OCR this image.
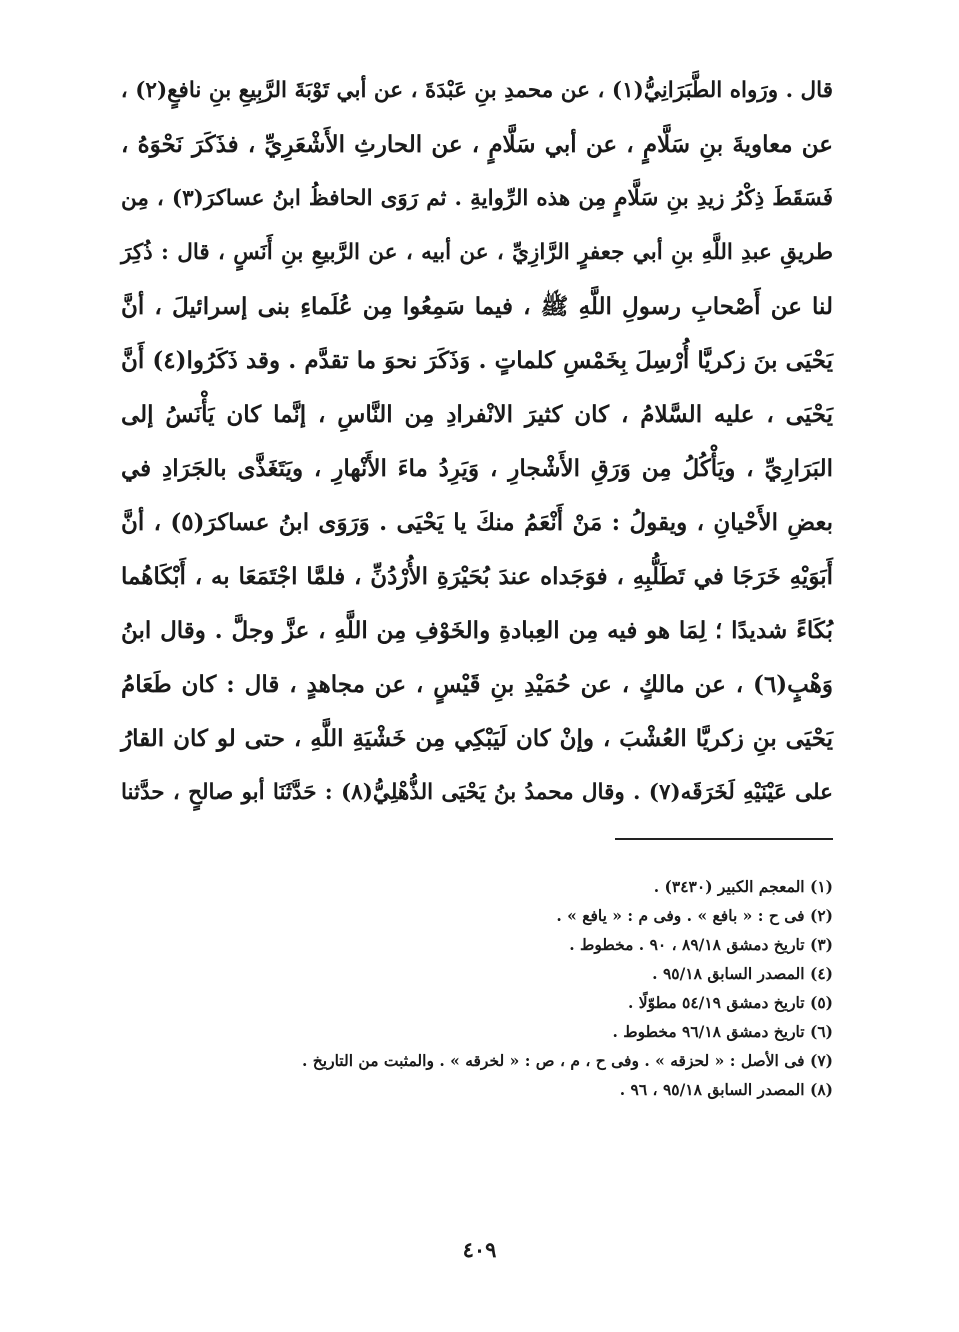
قال . ورَواه الطَّبَرَانِيُّ(١) ، عن محمدِ بنِ عَبْدَةَ ، عن أبي تَوْبَةَ الرَّبِيعِ بنِ نافعٍ(٢) ،
عن معاويةَ بنِ سَلَّامٍ ، عن أبي سَلَّامٍ ، عن الحارثِ الأَشْعَرِيِّ ، فذَكَرَ نَحْوَهُ ،
فَسَقَطَ ذِكْرُ زيدِ بنِ سَلَّامٍ مِن هذه الرِّوايةِ . ثم رَوَى الحافظُ ابنُ عساكرَ(٣) ، مِن
طريقِ عبدِ اللَّهِ بنِ أبي جعفرٍ الرَّازِيِّ ، عن أبيه ، عن الرَّبيعِ بنِ أَنَسٍ ، قال : ذُكِرَ
لنا عن أَصْحابِ رسولِ اللَّهِ ﷺ ، فيما سَمِعُوا مِن عُلَماءِ بنى إسرائيلَ ، أنَّ
يَحْيَى بنَ زكريَّا أُرْسِلَ بِخَمْسِ كلماتٍ . وَذَكَرَ نحوَ ما تقدَّم . وقد ذَكَرُوا(٤) أَنَّ
يَحْيَى ، عليه السَّلامُ ، كان كثيرَ الانْفرادِ مِن النَّاسِ ، إنَّما كان يَأْنَسُ إلى
البَرَارِيِّ ، ويَأْكُلُ مِن وَرَقِ الأَشْجارِ ، وَيَرِدُ ماءَ الأَنْهارِ ، ويَتَغَذَّى بالجَرَادِ في
بعضِ الأَحْيانِ ، ويقولُ : مَنْ أَنْعَمُ منكَ يا يَحْيَى . وَرَوَى ابنُ عساكرَ(٥) ، أنَّ
أَبَوَيْهِ خَرَجَا في تَطَلُّبِهِ ، فوَجَداه عندَ بُحَيْرَةِ الأُرْدُنِّ ، فلمَّا اجْتَمَعَا به ، أَبْكَاهُما
بُكَاءً شديدًا ؛ لِمَا هو فيه مِن العِبادةِ والخَوْفِ مِن اللَّهِ ، عزَّ وجلَّ . وقال ابنُ
وَهْبٍ(٦) ، عن مالكٍ ، عن حُمَيْدِ بنِ قَيْسٍ ، عن مجاهدٍ ، قال : كان طَعَامُ
يَحْيَى بنِ زكريَّا العُشْبَ ، وإنْ كان لَيَبْكِي مِن خَشْيَةِ اللَّهِ ، حتى لو كان القارُ
على عَيْنَيْهِ لَخَرَقَه(٧) . وقال محمدُ بنُ يَحْيَى الذُّهْلِيُّ(٨) : حَدَّثَنَا أبو صالحٍ ، حدَّثنا
(١) المعجم الكبير (٣٤٣٠) .
(٢) فى ح : « بافع » . وفى م : « يافع » .
(٣) تاريخ دمشق ٨٩/١٨ ، ٩٠ . مخطوط .
(٤) المصدر السابق ٩٥/١٨ .
(٥) تاريخ دمشق ٥٤/١٩ مطوّلًا .
(٦) تاريخ دمشق ٩٦/١٨ مخطوط .
(٧) فى الأصل : « لحزقه » . وفى ح ، م ، ص : « لخرقه » . والمثبت من التاريخ .
(٨) المصدر السابق ٩٥/١٨ ، ٩٦ .
٤٠٩
